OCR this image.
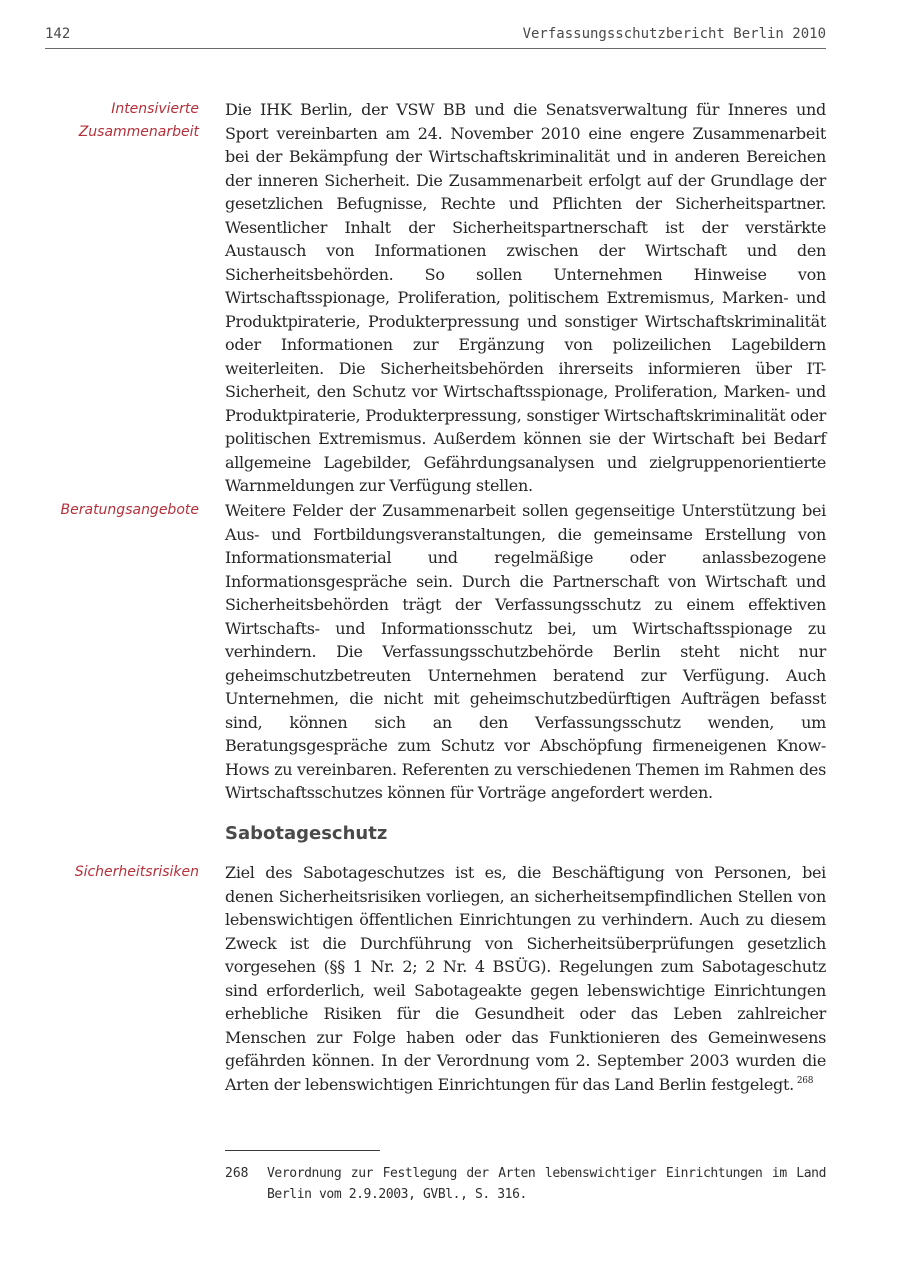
142	Verfassungsschutzbericht Berlin 2010
Intensivierte Zusammenarbeit

Die IHK Berlin, der VSW BB und die Senatsverwaltung für Inneres und Sport vereinbarten am 24. November 2010 eine engere Zusammenarbeit bei der Bekämpfung der Wirtschaftskriminalität und in anderen Bereichen der inneren Sicherheit. Die Zusammenarbeit erfolgt auf der Grundlage der gesetzlichen Befugnisse, Rechte und Pflichten der Sicherheitspartner. Wesentlicher Inhalt der Sicherheitspartnerschaft ist der verstärkte Austausch von Informationen zwischen der Wirtschaft und den Sicherheitsbehörden. So sollen Unternehmen Hinweise von Wirtschaftsspionage, Proliferation, politischem Extremismus, Marken- und Produktpiraterie, Produkterpressung und sonstiger Wirtschaftskriminalität oder Informationen zur Ergänzung von polizeilichen Lagebildern weiterleiten. Die Sicherheitsbehörden ihrerseits informieren über IT-Sicherheit, den Schutz vor Wirtschaftsspionage, Proliferation, Marken- und Produktpiraterie, Produkterpressung, sonstiger Wirtschaftskriminalität oder politischen Extremismus. Außerdem können sie der Wirtschaft bei Bedarf allgemeine Lagebilder, Gefährdungsanalysen und zielgruppenorientierte Warnmeldungen zur Verfügung stellen.

Beratungsangebote Weitere Felder der Zusammenarbeit sollen gegenseitige Unterstützung bei Aus- und Fortbildungsveranstaltungen, die gemeinsame Erstellung von Informationsmaterial und regelmäßige oder anlassbezogene Informationsgespräche sein. Durch die Partnerschaft von Wirtschaft und Sicherheitsbehörden trägt der Verfassungsschutz zu einem effektiven Wirtschafts- und Informationsschutz bei, um Wirtschaftsspionage zu verhindern. Die Verfassungsschutzbehörde Berlin steht nicht nur geheimschutzbetreuten Unternehmen beratend zur Verfügung. Auch Unternehmen, die nicht mit geheimschutzbedürftigen Aufträgen befasst sind, können sich an den Verfassungsschutz wenden, um Beratungsgespräche zum Schutz vor Abschöpfung firmeneigenen Know-Hows zu vereinbaren. Referenten zu verschiedenen Themen im Rahmen des Wirtschaftsschutzes können für Vorträge angefordert werden.

Sabotageschutz
Sicherheitsrisiken Ziel des Sabotageschutzes ist es, die Beschäftigung von Personen, bei denen Sicherheitsrisiken vorliegen, an sicherheitsempfindlichen Stellen von lebenswichtigen öffentlichen Einrichtungen zu verhindern. Auch zu diesem Zweck ist die Durchführung von Sicherheitsüberprüfungen gesetzlich vorgesehen (§§ 1 Nr. 2; 2 Nr. 4 BSÜG). Regelungen zum Sabotageschutz sind erforderlich, weil Sabotageakte gegen lebenswichtige Einrichtungen erhebliche Risiken für die Gesundheit oder das Leben zahlreicher Menschen zur Folge haben oder das Funktionieren des Gemeinwesens gefährden können. In der Verordnung vom 2. September 2003 wurden die Arten der lebenswichtigen Einrichtungen für das Land Berlin festgelegt. $^{268}$

268 Verordnung zur Festlegung der Arten lebenswichtiger Einrichtungen im Land Berlin vom 2.9.2003, GVBl., S. 316.
